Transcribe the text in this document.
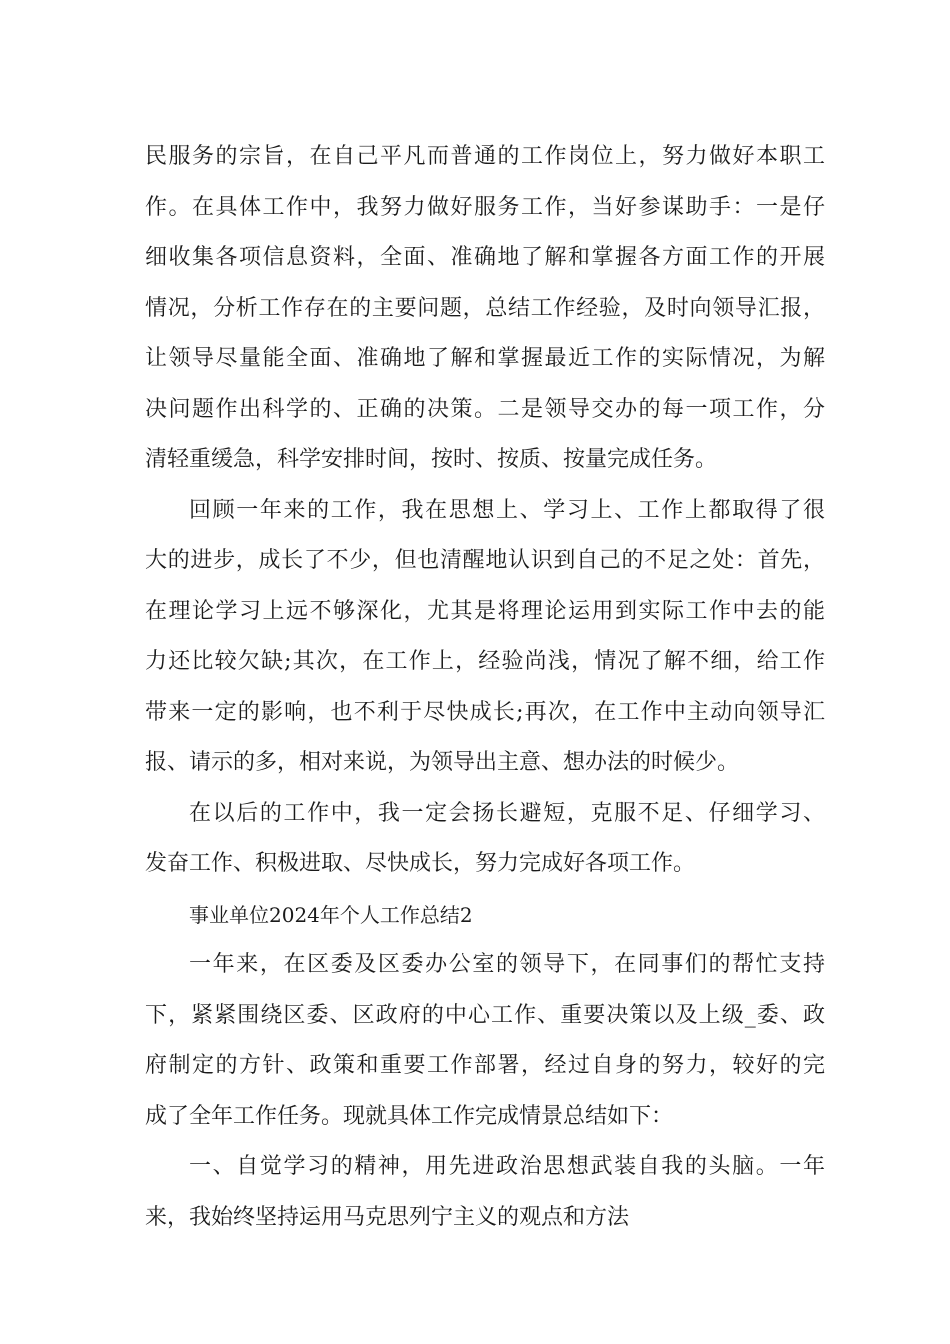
民服务的宗旨，在自己平凡而普通的工作岗位上，努力做好本职工
作。在具体工作中，我努力做好服务工作，当好参谋助手：一是仔
细收集各项信息资料，全面、准确地了解和掌握各方面工作的开展
情况，分析工作存在的主要问题，总结工作经验，及时向领导汇报，
让领导尽量能全面、准确地了解和掌握最近工作的实际情况，为解
决问题作出科学的、正确的决策。二是领导交办的每一项工作，分
清轻重缓急，科学安排时间，按时、按质、按量完成任务。
回顾一年来的工作，我在思想上、学习上、工作上都取得了很
大的进步，成长了不少，但也清醒地认识到自己的不足之处：首先，
在理论学习上远不够深化，尤其是将理论运用到实际工作中去的能
力还比较欠缺;其次，在工作上，经验尚浅，情况了解不细，给工作
带来一定的影响，也不利于尽快成长;再次，在工作中主动向领导汇
报、请示的多，相对来说，为领导出主意、想办法的时候少。
在以后的工作中，我一定会扬长避短，克服不足、仔细学习、
发奋工作、积极进取、尽快成长，努力完成好各项工作。
事业单位2024年个人工作总结2
一年来，在区委及区委办公室的领导下，在同事们的帮忙支持
下，紧紧围绕区委、区政府的中心工作、重要决策以及上级_委、政
府制定的方针、政策和重要工作部署，经过自身的努力，较好的完
成了全年工作任务。现就具体工作完成情景总结如下：
一、自觉学习的精神，用先进政治思想武装自我的头脑。一年
来，我始终坚持运用马克思列宁主义的观点和方法
